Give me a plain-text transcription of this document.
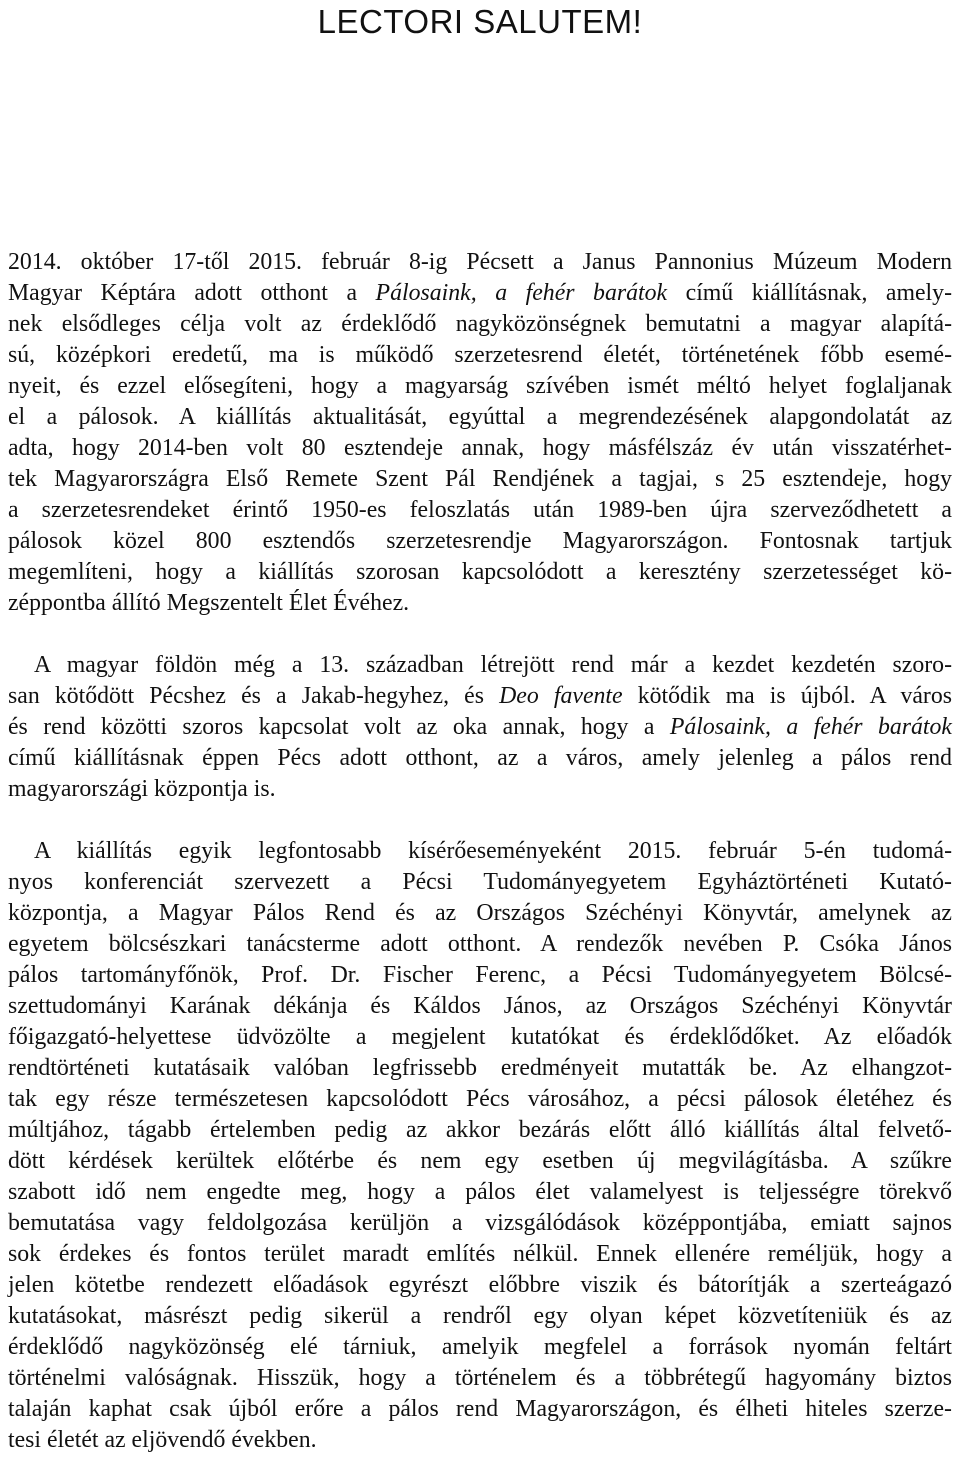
LECTORI SALUTEM!
2014. október 17-től 2015. február 8-ig Pécsett a Janus Pannonius Múzeum Modern
Magyar Képtára adott otthont a Pálosaink, a fehér barátok című kiállításnak, amely-
nek elsődleges célja volt az érdeklődő nagyközönségnek bemutatni a magyar alapítá-
sú, középkori eredetű, ma is működő szerzetesrend életét, történetének főbb esemé-
nyeit, és ezzel elősegíteni, hogy a magyarság szívében ismét méltó helyet foglaljanak
el a pálosok. A kiállítás aktualitását, egyúttal a megrendezésének alapgondolatát az
adta, hogy 2014-ben volt 80 esztendeje annak, hogy másfélszáz év után visszatérhet-
tek Magyarországra Első Remete Szent Pál Rendjének a tagjai, s 25 esztendeje, hogy
a szerzetesrendeket érintő 1950-es feloszlatás után 1989-ben újra szerveződhetett a
pálosok közel 800 esztendős szerzetesrendje Magyarországon. Fontosnak tartjuk
megemlíteni, hogy a kiállítás szorosan kapcsolódott a keresztény szerzetességet kö-
zéppontba állító Megszentelt Élet Évéhez.
A magyar földön még a 13. században létrejött rend már a kezdet kezdetén szoro-
san kötődött Pécshez és a Jakab-hegyhez, és Deo favente kötődik ma is újból. A város
és rend közötti szoros kapcsolat volt az oka annak, hogy a Pálosaink, a fehér barátok
című kiállításnak éppen Pécs adott otthont, az a város, amely jelenleg a pálos rend
magyarországi központja is.
A kiállítás egyik legfontosabb kísérőeseményeként 2015. február 5-én tudomá-
nyos konferenciát szervezett a Pécsi Tudományegyetem Egyháztörténeti Kutató-
központja, a Magyar Pálos Rend és az Országos Széchényi Könyvtár, amelynek az
egyetem bölcsészkari tanácsterme adott otthont. A rendezők nevében P. Csóka János
pálos tartományfőnök, Prof. Dr. Fischer Ferenc, a Pécsi Tudományegyetem Bölcsé-
szettudományi Karának dékánja és Káldos János, az Országos Széchényi Könyvtár
főigazgató-helyettese üdvözölte a megjelent kutatókat és érdeklődőket. Az előadók
rendtörténeti kutatásaik valóban legfrissebb eredményeit mutatták be. Az elhangzot-
tak egy része természetesen kapcsolódott Pécs városához, a pécsi pálosok életéhez és
múltjához, tágabb értelemben pedig az akkor bezárás előtt álló kiállítás által felvető-
dött kérdések kerültek előtérbe és nem egy esetben új megvilágításba. A szűkre
szabott idő nem engedte meg, hogy a pálos élet valamelyest is teljességre törekvő
bemutatása vagy feldolgozása kerüljön a vizsgálódások középpontjába, emiatt sajnos
sok érdekes és fontos terület maradt említés nélkül. Ennek ellenére reméljük, hogy a
jelen kötetbe rendezett előadások egyrészt előbbre viszik és bátorítják a szerteágazó
kutatásokat, másrészt pedig sikerül a rendről egy olyan képet közvetíteniük és az
érdeklődő nagyközönség elé tárniuk, amelyik megfelel a források nyomán feltárt
történelmi valóságnak. Hisszük, hogy a történelem és a többrétegű hagyomány biztos
talaján kaphat csak újból erőre a pálos rend Magyarországon, és élheti hiteles szerze-
tesi életét az eljövendő években.
